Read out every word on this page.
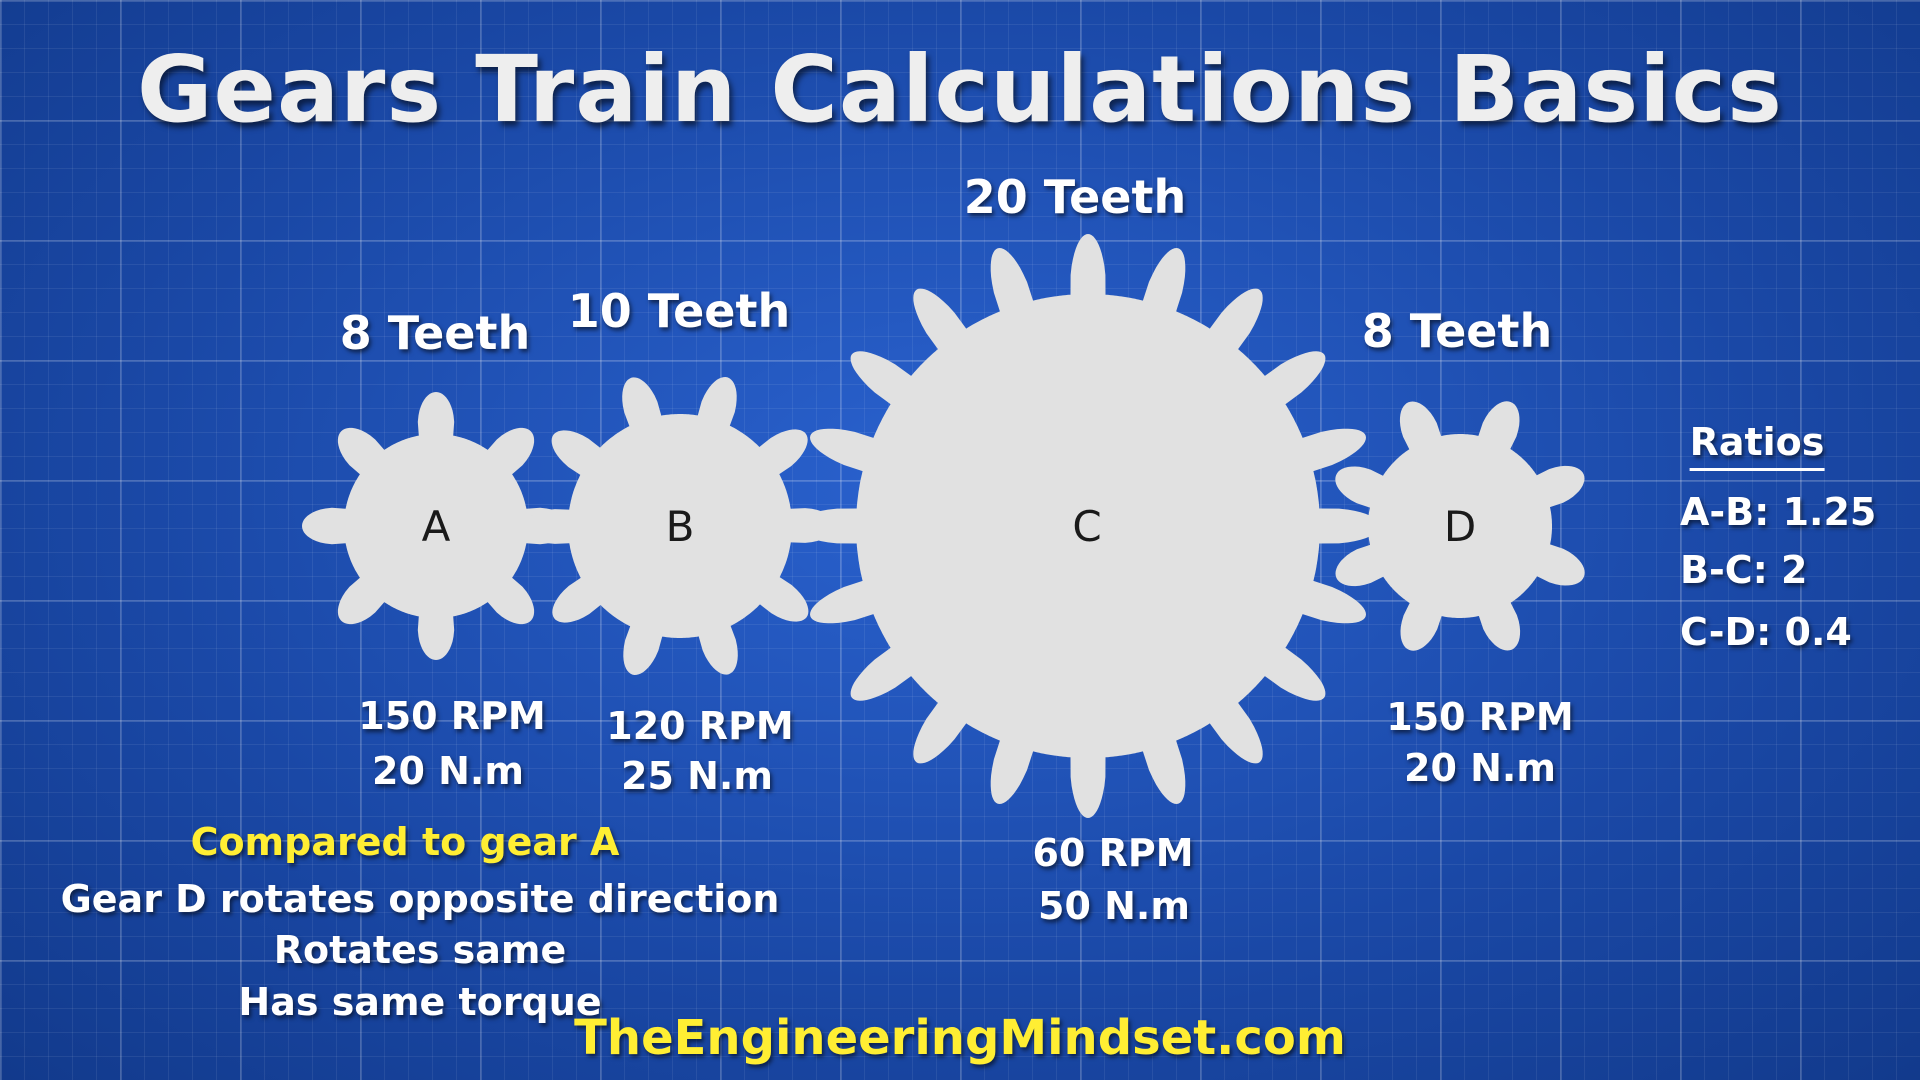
Gears Train Calculations Basics
A	B	C	D
8 Teeth 10 Teeth
20 Teeth
8 Teeth
150 RPM
20 N.m
120 RPM
25 N.m
60 RPM
50 N.m
150 RPM
20 N.m
Ratios
A-B: 1.25
B-C: 2
C-D: 0.4
Compared to gear A
Gear D rotates opposite direction
Rotates same
Has same torque
TheEngineeringMindset.com
